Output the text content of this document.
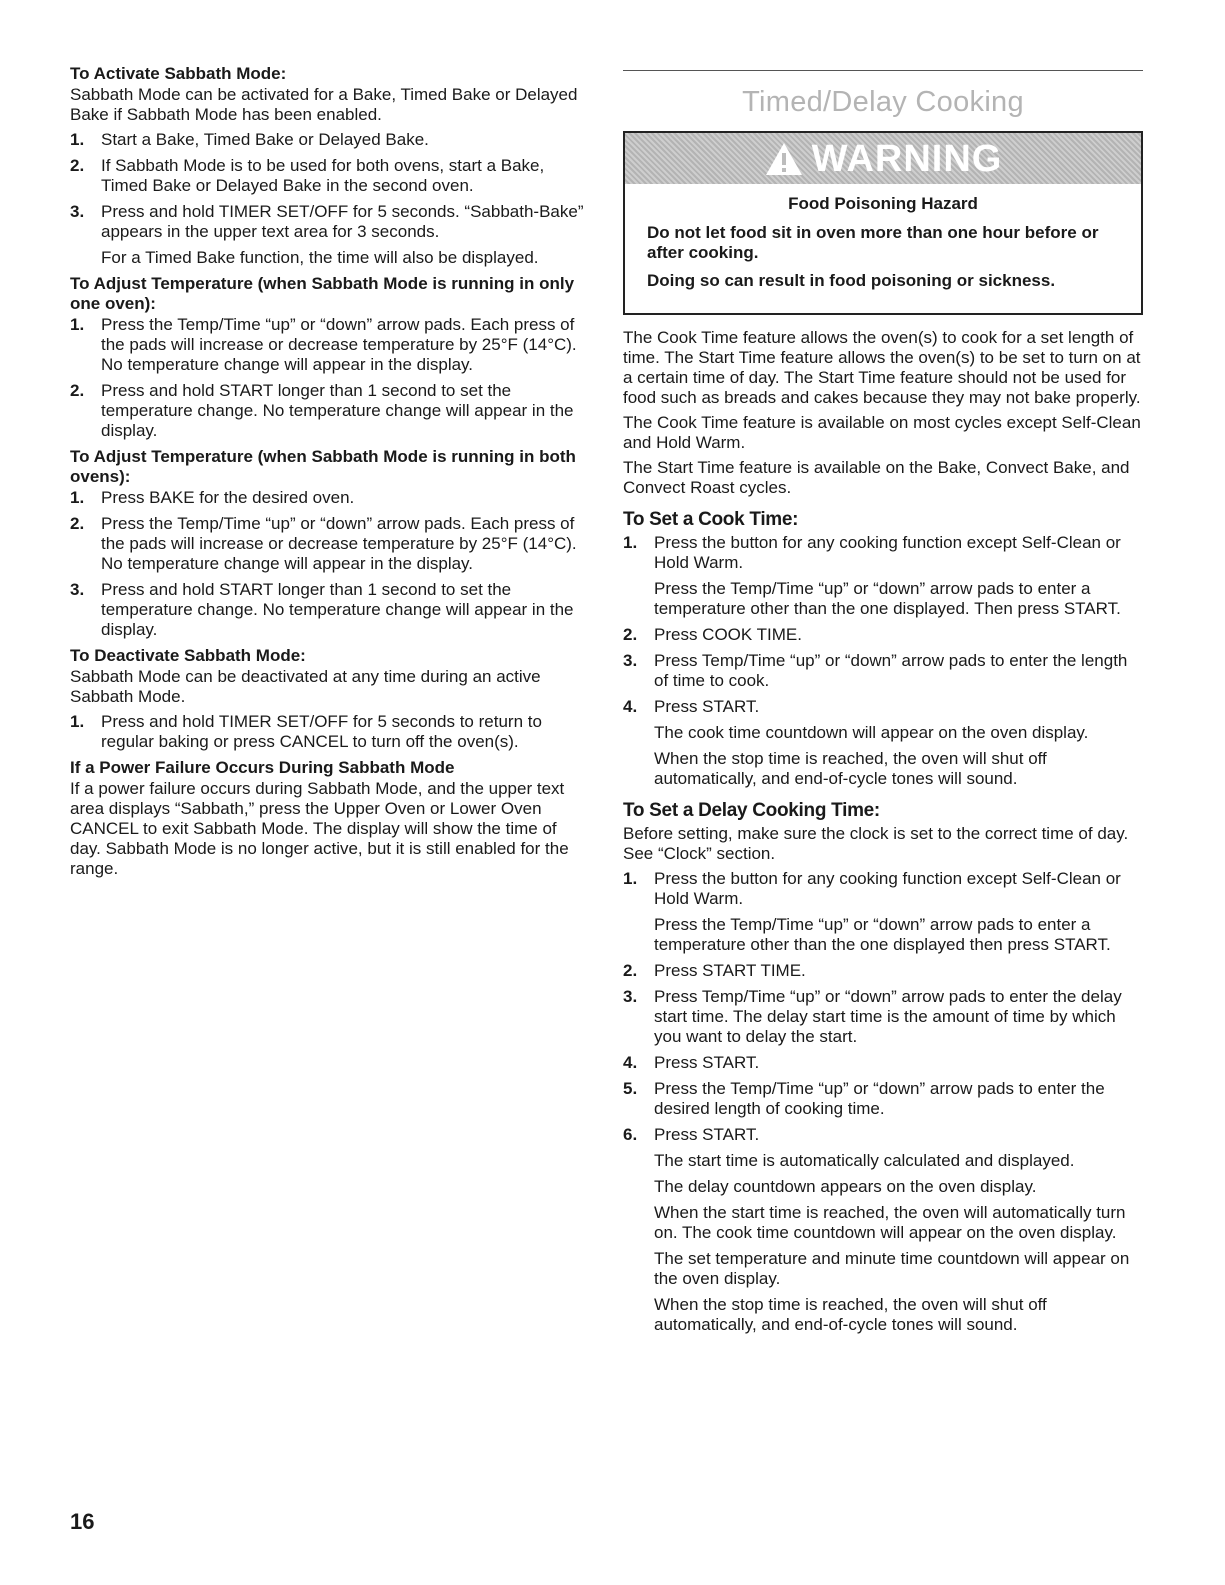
To Activate Sabbath Mode:
Sabbath Mode can be activated for a Bake, Timed Bake or Delayed Bake if Sabbath Mode has been enabled.
1. Start a Bake, Timed Bake or Delayed Bake.
2. If Sabbath Mode is to be used for both ovens, start a Bake, Timed Bake or Delayed Bake in the second oven.
3. Press and hold TIMER SET/OFF for 5 seconds. “Sabbath-Bake” appears in the upper text area for 3 seconds.
For a Timed Bake function, the time will also be displayed.
To Adjust Temperature (when Sabbath Mode is running in only one oven):
1. Press the Temp/Time “up” or “down” arrow pads. Each press of the pads will increase or decrease temperature by 25°F (14°C). No temperature change will appear in the display.
2. Press and hold START longer than 1 second to set the temperature change. No temperature change will appear in the display.
To Adjust Temperature (when Sabbath Mode is running in both ovens):
1. Press BAKE for the desired oven.
2. Press the Temp/Time “up” or “down” arrow pads. Each press of the pads will increase or decrease temperature by 25°F (14°C). No temperature change will appear in the display.
3. Press and hold START longer than 1 second to set the temperature change. No temperature change will appear in the display.
To Deactivate Sabbath Mode:
Sabbath Mode can be deactivated at any time during an active Sabbath Mode.
1. Press and hold TIMER SET/OFF for 5 seconds to return to regular baking or press CANCEL to turn off the oven(s).
If a Power Failure Occurs During Sabbath Mode
If a power failure occurs during Sabbath Mode, and the upper text area displays “Sabbath,” press the Upper Oven or Lower Oven CANCEL to exit Sabbath Mode. The display will show the time of day. Sabbath Mode is no longer active, but it is still enabled for the range.
Timed/Delay Cooking
WARNING
Food Poisoning Hazard
Do not let food sit in oven more than one hour before or after cooking.
Doing so can result in food poisoning or sickness.
The Cook Time feature allows the oven(s) to cook for a set length of time. The Start Time feature allows the oven(s) to be set to turn on at a certain time of day. The Start Time feature should not be used for food such as breads and cakes because they may not bake properly.
The Cook Time feature is available on most cycles except Self-Clean and Hold Warm.
The Start Time feature is available on the Bake, Convect Bake, and Convect Roast cycles.
To Set a Cook Time:
1. Press the button for any cooking function except Self-Clean or Hold Warm.
Press the Temp/Time “up” or “down” arrow pads to enter a temperature other than the one displayed. Then press START.
2. Press COOK TIME.
3. Press Temp/Time “up” or “down” arrow pads to enter the length of time to cook.
4. Press START.
The cook time countdown will appear on the oven display.
When the stop time is reached, the oven will shut off automatically, and end-of-cycle tones will sound.
To Set a Delay Cooking Time:
Before setting, make sure the clock is set to the correct time of day. See “Clock” section.
1. Press the button for any cooking function except Self-Clean or Hold Warm.
Press the Temp/Time “up” or “down” arrow pads to enter a temperature other than the one displayed then press START.
2. Press START TIME.
3. Press Temp/Time “up” or “down” arrow pads to enter the delay start time. The delay start time is the amount of time by which you want to delay the start.
4. Press START.
5. Press the Temp/Time “up” or “down” arrow pads to enter the desired length of cooking time.
6. Press START.
The start time is automatically calculated and displayed.
The delay countdown appears on the oven display.
When the start time is reached, the oven will automatically turn on. The cook time countdown will appear on the oven display.
The set temperature and minute time countdown will appear on the oven display.
When the stop time is reached, the oven will shut off automatically, and end-of-cycle tones will sound.
16
